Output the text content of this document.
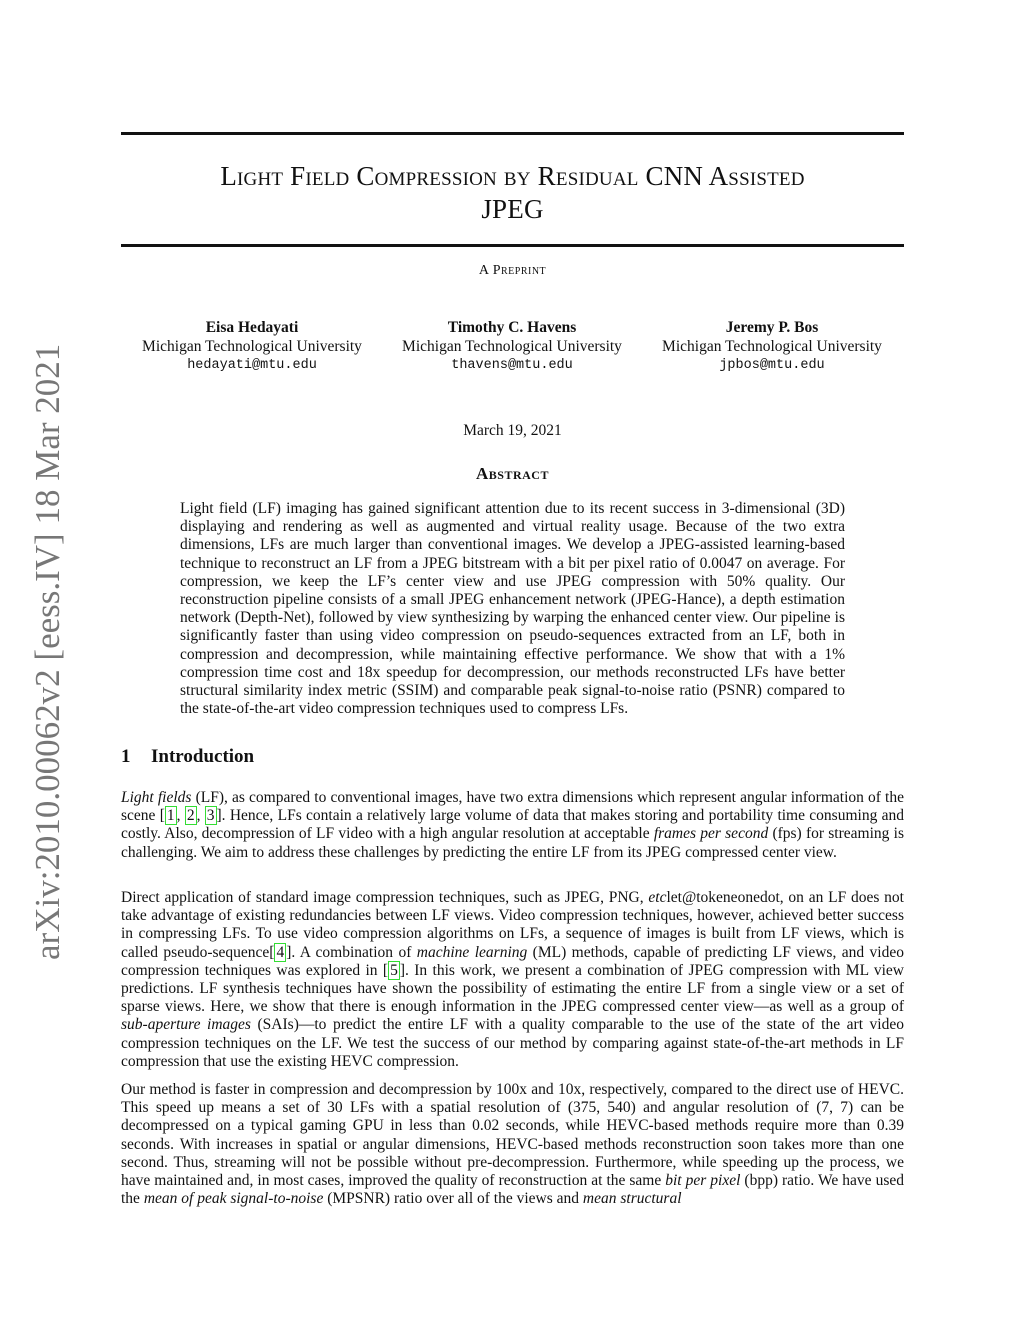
arXiv:2010.00062v2 [eess.IV] 18 Mar 2021
Light Field Compression by Residual CNN Assisted
JPEG
A Preprint
Eisa Hedayati
Michigan Technological University
hedayati@mtu.edu
Timothy C. Havens
Michigan Technological University
thavens@mtu.edu
Jeremy P. Bos
Michigan Technological University
jpbos@mtu.edu
March 19, 2021
Abstract

Light field (LF) imaging has gained significant attention due to its recent success in 3-dimensional (3D) displaying and rendering as well as augmented and virtual reality usage. Because of the two extra dimensions, LFs are much larger than conventional images. We develop a JPEG-assisted learning-based technique to reconstruct an LF from a JPEG bitstream with a bit per pixel ratio of 0.0047 on average. For compression, we keep the LF’s center view and use JPEG compression with 50% quality. Our reconstruction pipeline consists of a small JPEG enhancement network (JPEG-Hance), a depth estimation network (Depth-Net), followed by view synthesizing by warping the enhanced center view. Our pipeline is significantly faster than using video compression on pseudo-sequences extracted from an LF, both in compression and decompression, while maintaining effective performance. We show that with a 1% compression time cost and 18x speedup for decompression, our methods reconstructed LFs have better structural similarity index metric (SSIM) and comparable peak signal-to-noise ratio (PSNR) compared to the state-of-the-art video compression techniques used to compress LFs.

1 Introduction

Light fields (LF), as compared to conventional images, have two extra dimensions which represent angular information of the scene [ 1 , 2 , 3 ]. Hence, LFs contain a relatively large volume of data that makes storing and portability time consuming and costly. Also, decompression of LF video with a high angular resolution at acceptable frames per second (fps) for streaming is challenging. We aim to address these challenges by predicting the entire LF from its JPEG compressed center view.

Direct application of standard image compression techniques, such as JPEG, PNG, etclet@tokeneonedot, on an LF does not take advantage of existing redundancies between LF views. Video compression techniques, however, achieved better success in compressing LFs. To use video compression algorithms on LFs, a sequence of images is built from LF views, which is called pseudo-sequence[ 4 ]. A combination of machine learning (ML) methods, capable of predicting LF views, and video compression techniques was explored in [ 5 ]. In this work, we present a combination of JPEG compression with ML view predictions. LF synthesis techniques have shown the possibility of estimating the entire LF from a single view or a set of sparse views. Here, we show that there is enough information in the JPEG compressed center view—as well as a group of sub-aperture images (SAIs)—to predict the entire LF with a quality comparable to the use of the state of the art video compression techniques on the LF. We test the success of our method by comparing against state-of-the-art methods in LF compression that use the existing HEVC compression.

Our method is faster in compression and decompression by 100x and 10x, respectively, compared to the direct use of HEVC. This speed up means a set of 30 LFs with a spatial resolution of (375, 540) and angular resolution of (7, 7) can be decompressed on a typical gaming GPU in less than 0.02 seconds, while HEVC-based methods require more than 0.39 seconds. With increases in spatial or angular dimensions, HEVC-based methods reconstruction soon takes more than one second. Thus, streaming will not be possible without pre-decompression. Furthermore, while speeding up the process, we have maintained and, in most cases, improved the quality of reconstruction at the same bit per pixel (bpp) ratio. We have used the mean of peak signal-to-noise (MPSNR) ratio over all of the views and mean structural
